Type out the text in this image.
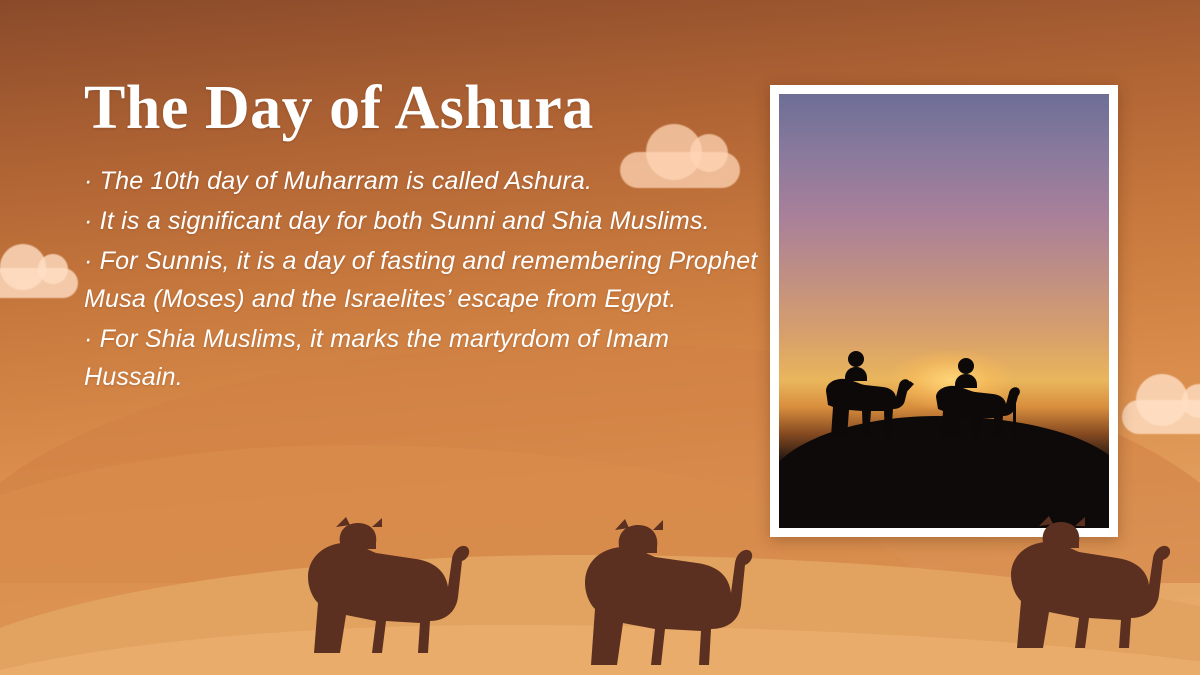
The Day of Ashura

· The 10th day of Muharram is called Ashura.

· It is a significant day for both Sunni and Shia Muslims.

· For Sunnis, it is a day of fasting and remembering Prophet Musa (Moses) and the Israelites’ escape from Egypt.

· For Shia Muslims, it marks the martyrdom of Imam Hussain.
